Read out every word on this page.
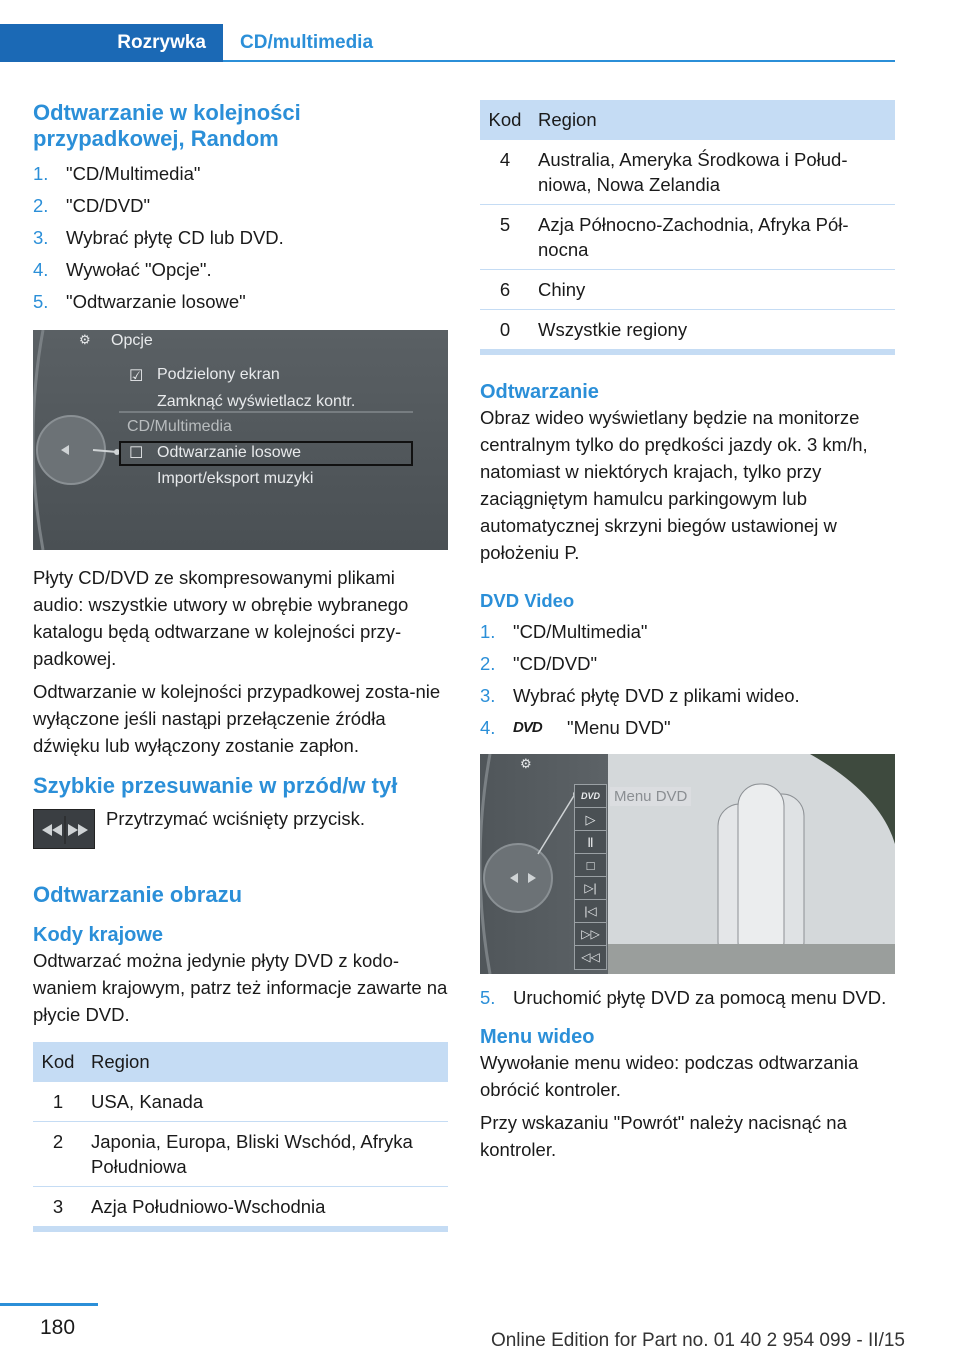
Rozrywka	CD/multimedia
Odtwarzanie w kolejności przypadkowej, Random
1. "CD/Multimedia"
2. "CD/DVD"
3. Wybrać płytę CD lub DVD.
4. Wywołać "Opcje".
5. "Odtwarzanie losowe"
⚙ Opcje
☑ Podzielony ekran
Zamknąć wyświetlacz kontr.
CD/Multimedia
☐ Odtwarzanie losowe
Import/eksport muzyki

Płyty CD/DVD ze skompresowanymi plikami audio: wszystkie utwory w obrębie wybranego katalogu będą odtwarzane w kolejności przy‐padkowej.

Odtwarzanie w kolejności przypadkowej zosta‐nie wyłączone jeśli nastąpi przełączenie źródła dźwięku lub wyłączony zostanie zapłon.

Szybkie przesuwanie w przód/w tył
Przytrzymać wciśnięty przycisk.
Odtwarzanie obrazu
Kody krajowe

Odtwarzać można jedynie płyty DVD z kodo‐waniem krajowym, patrz też informacje zawarte na płycie DVD.

Kod	Region
1	USA, Kanada
2	Japonia, Europa, Bliski Wschód, Afryka Południowa
3	Azja Południowo-Wschodnia
Kod	Region
4	Australia, Ameryka Środkowa i Połud‐niowa, Nowa Zelandia
5	Azja Północno-Zachodnia, Afryka Pół‐nocna
6	Chiny
0	Wszystkie regiony
Odtwarzanie

Obraz wideo wyświetlany będzie na monitorze centralnym tylko do prędkości jazdy ok. 3 km/h, natomiast w niektórych krajach, tylko przy zaciągniętym hamulcu parkingowym lub automatycznej skrzyni biegów ustawionej w położeniu P.

DVD Video
1. "CD/Multimedia"
2. "CD/DVD"
3. Wybrać płytę DVD z plikami wideo.
4.	DVD	"Menu DVD"
DVD
▷
Ⅱ
□
▷|
|◁
▷▷
◁◁
Menu DVD
⚙
5. Uruchomić płytę DVD za pomocą menu DVD.
Menu wideo

Wywołanie menu wideo: podczas odtwarzania obrócić kontroler.

Przy wskazaniu "Powrót" należy nacisnąć na kontroler.

180
Online Edition for Part no. 01 40 2 954 099 - II/15
